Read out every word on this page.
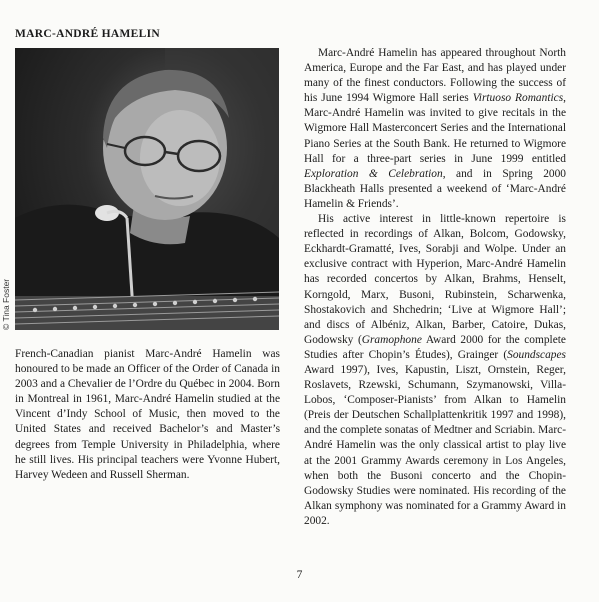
MARC-ANDRÉ HAMELIN
© Tina Foster

French-Canadian pianist Marc-André Hamelin was honoured to be made an Officer of the Order of Canada in 2003 and a Chevalier de l’Ordre du Québec in 2004. Born in Montreal in 1961, Marc-André Hamelin studied at the Vincent d’Indy School of Music, then moved to the United States and received Bachelor’s and Master’s degrees from Temple University in Philadelphia, where he still lives. His principal teachers were Yvonne Hubert, Harvey Wedeen and Russell Sherman.

Marc-André Hamelin has appeared throughout North America, Europe and the Far East, and has played under many of the finest conductors. Following the success of his June 1994 Wigmore Hall series Virtuoso Romantics, Marc-André Hamelin was invited to give recitals in the Wigmore Hall Masterconcert Series and the International Piano Series at the South Bank. He returned to Wigmore Hall for a three-part series in June 1999 entitled Exploration & Celebration, and in Spring 2000 Blackheath Halls presented a weekend of ‘Marc-André Hamelin & Friends’.

His active interest in little-known repertoire is reflected in recordings of Alkan, Bolcom, Godowsky, Eckhardt-Gramatté, Ives, Sorabji and Wolpe. Under an exclusive contract with Hyperion, Marc-André Hamelin has recorded concertos by Alkan, Brahms, Henselt, Korngold, Marx, Busoni, Rubinstein, Scharwenka, Shostakovich and Shchedrin; ‘Live at Wigmore Hall’; and discs of Albéniz, Alkan, Barber, Catoire, Dukas, Godowsky (Gramophone Award 2000 for the complete Studies after Chopin’s Études), Grainger (Soundscapes Award 1997), Ives, Kapustin, Liszt, Ornstein, Reger, Roslavets, Rzewski, Schumann, Szymanowski, Villa-Lobos, ‘Composer-Pianists’ from Alkan to Hamelin (Preis der Deutschen Schallplattenkritik 1997 and 1998), and the complete sonatas of Medtner and Scriabin. Marc-André Hamelin was the only classical artist to play live at the 2001 Grammy Awards ceremony in Los Angeles, when both the Busoni concerto and the Chopin-Godowsky Studies were nominated. His recording of the Alkan symphony was nominated for a Grammy Award in 2002.

7
